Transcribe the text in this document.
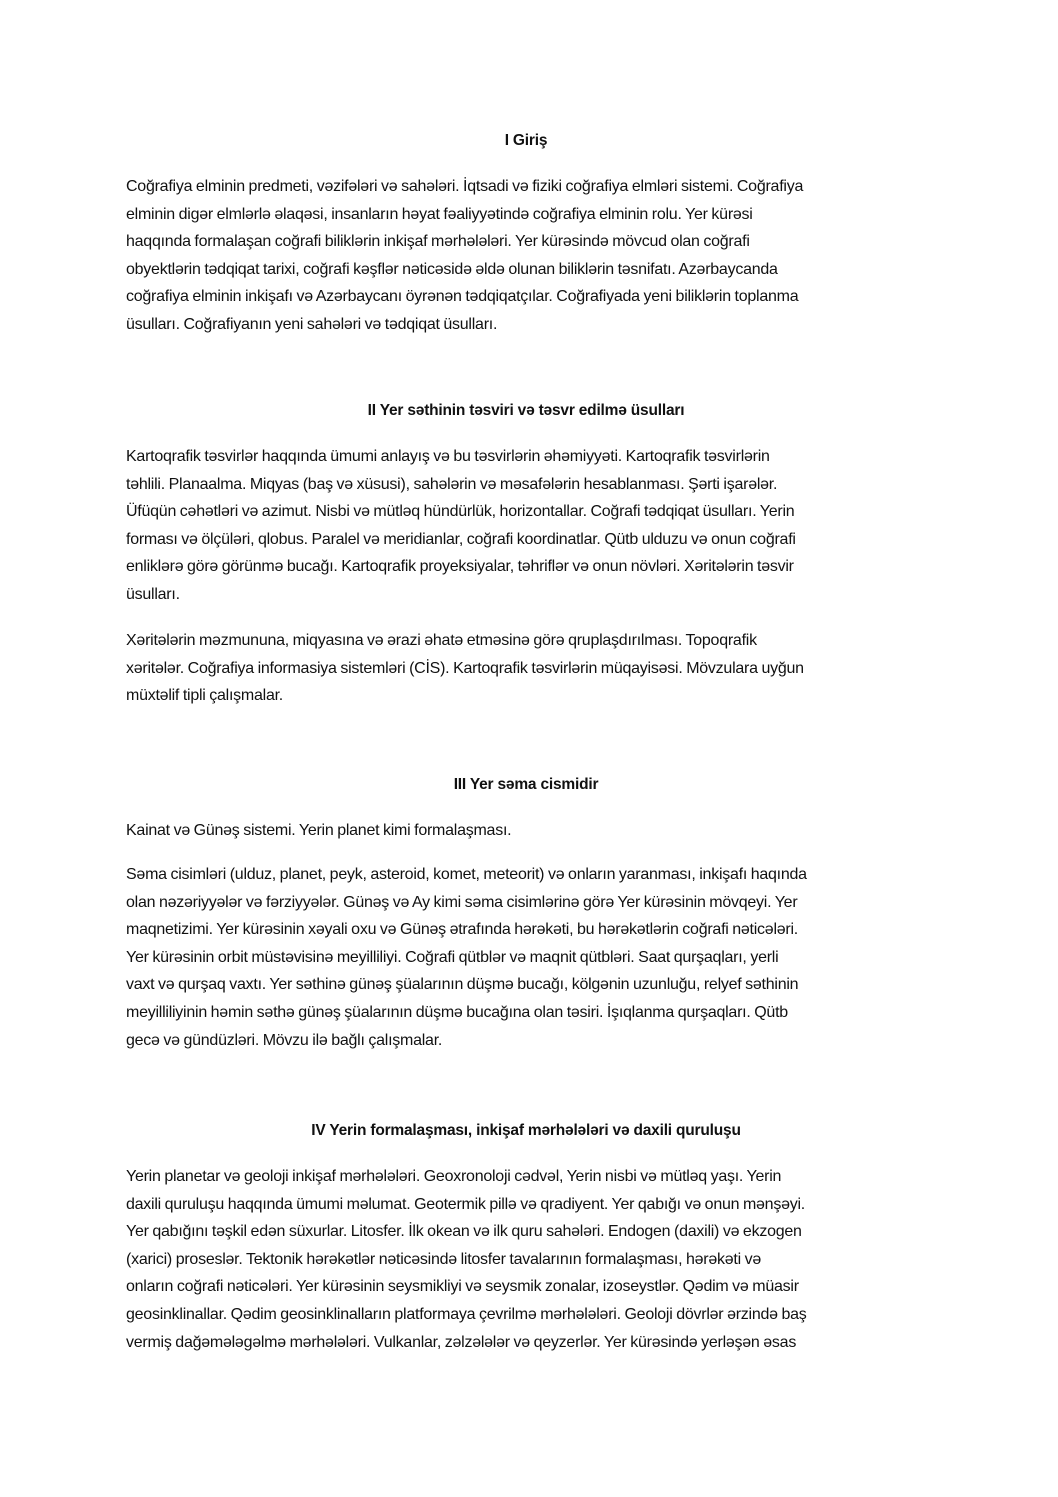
I Giriş
Coğrafiya elminin predmeti, vəzifələri və sahələri. İqtsadi və fiziki coğrafiya elmləri sistemi. Coğrafiya
elminin digər elmlərlə əlaqəsi, insanların həyat fəaliyyətində coğrafiya elminin rolu. Yer kürəsi
haqqında formalaşan coğrafi biliklərin inkişaf mərhələləri. Yer kürəsində mövcud olan coğrafi
obyektlərin tədqiqat tarixi, coğrafi kəşflər nəticəsidə əldə olunan biliklərin təsnifatı. Azərbaycanda
coğrafiya elminin inkişafı və Azərbaycanı öyrənən tədqiqatçılar. Coğrafiyada yeni biliklərin toplanma
üsulları. Coğrafiyanın yeni sahələri və tədqiqat üsulları.
II Yer səthinin təsviri və təsvr edilmə üsulları
Kartoqrafik təsvirlər haqqında ümumi anlayış və bu təsvirlərin əhəmiyyəti. Kartoqrafik təsvirlərin
təhlili. Planaalma. Miqyas (baş və xüsusi), sahələrin və məsafələrin hesablanması. Şərti işarələr.
Üfüqün cəhətləri və azimut. Nisbi və mütləq hündürlük, horizontallar. Coğrafi tədqiqat üsulları. Yerin
forması və ölçüləri, qlobus. Paralel və meridianlar, coğrafi koordinatlar. Qütb ulduzu və onun coğrafi
enliklərə görə görünmə bucağı. Kartoqrafik proyeksiyalar, təhriflər və onun növləri. Xəritələrin təsvir
üsulları.
Xəritələrin məzmununa, miqyasına və ərazi əhatə etməsinə görə qruplaşdırılması. Topoqrafik
xəritələr. Coğrafiya informasiya sistemləri (CİS). Kartoqrafik təsvirlərin müqayisəsi. Mövzulara uyğun
müxtəlif tipli çalışmalar.
III Yer səma cismidir
Kainat və Günəş sistemi. Yerin planet kimi formalaşması.
Səma cisimləri (ulduz, planet, peyk, asteroid, komet, meteorit) və onların yaranması, inkişafı haqında
olan nəzəriyyələr və fərziyyələr. Günəş və Ay kimi səma cisimlərinə görə Yer kürəsinin mövqeyi. Yer
maqnetizimi. Yer kürəsinin xəyali oxu və Günəş ətrafında hərəkəti, bu hərəkətlərin coğrafi nəticələri.
Yer kürəsinin orbit müstəvisinə meyilliliyi. Coğrafi qütblər və maqnit qütbləri. Saat qurşaqları, yerli
vaxt və qurşaq vaxtı. Yer səthinə günəş şüalarının düşmə bucağı, kölgənin uzunluğu, relyef səthinin
meyilliliyinin həmin səthə günəş şüalarının düşmə bucağına olan təsiri. İşıqlanma qurşaqları. Qütb
gecə və gündüzləri. Mövzu ilə bağlı çalışmalar.
IV Yerin formalaşması, inkişaf mərhələləri və daxili quruluşu
Yerin planetar və geoloji inkişaf mərhələləri. Geoxronoloji cədvəl, Yerin nisbi və mütləq yaşı. Yerin
daxili quruluşu haqqında ümumi məlumat. Geotermik pillə və qradiyent. Yer qabığı və onun mənşəyi.
Yer qabığını təşkil edən süxurlar. Litosfer. İlk okean və ilk quru sahələri. Endogen (daxili) və ekzogen
(xarici) proseslər. Tektonik hərəkətlər nəticəsində litosfer tavalarının formalaşması, hərəkəti və
onların coğrafi nəticələri. Yer kürəsinin seysmikliyi və seysmik zonalar, izoseystlər. Qədim və müasir
geosinklinallar. Qədim geosinklinalların platformaya çevrilmə mərhələləri. Geoloji dövrlər ərzində baş
vermiş dağəmələgəlmə mərhələləri. Vulkanlar, zəlzələlər və qeyzerlər. Yer kürəsində yerləşən əsas
